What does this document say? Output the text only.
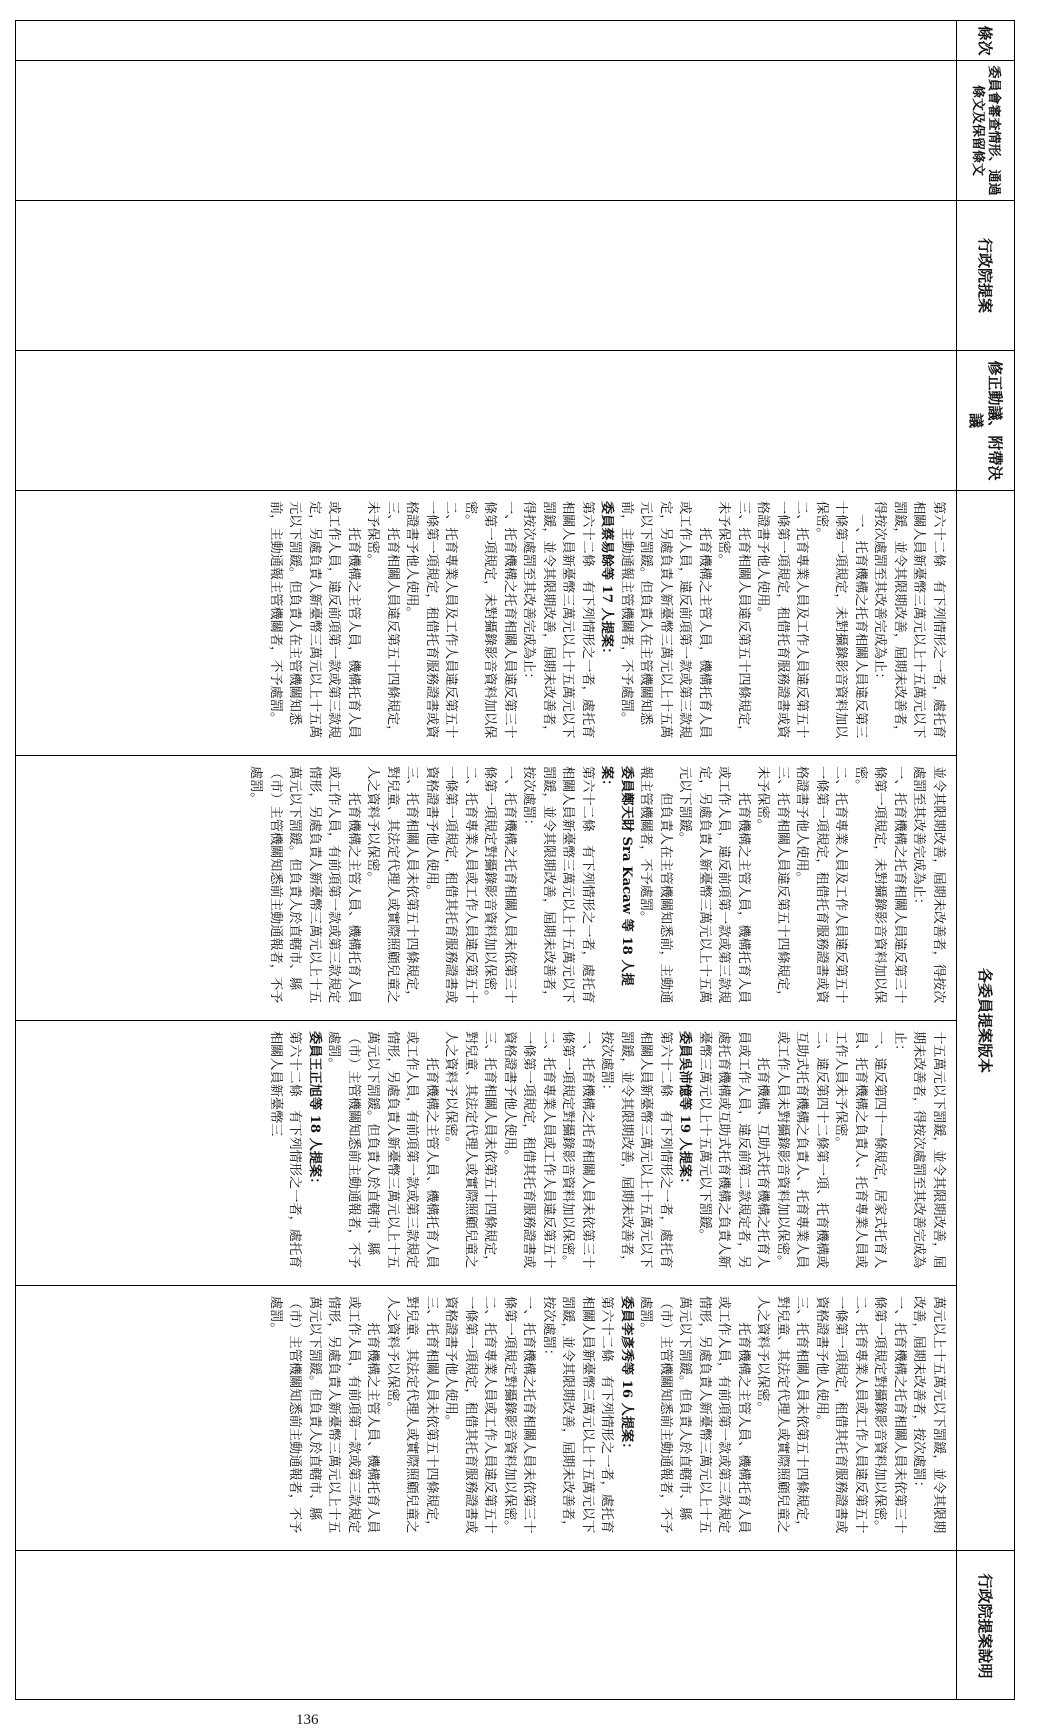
條次
委員會審查情形、通過條文及保留條文
行政院提案
修正動議、附帶決議
各委員提案版本
行政院提案說明
第六十二條　有下列情形之一者，處托育相關人員新臺幣三萬元以上十五萬元以下罰鍰，並令其限期改善，屆期未改善者，得按次處罰至其改善完成為止：
　一、托育機構之托育相關人員違反第三十條第一項規定，未對攝錄影音資料加以保密。
二、托育專業人員及工作人員違反第五十一條第一項規定，租借托育服務證書或資格證書予他人使用。
三、托育相關人員違反第五十四條規定，未予保密。
　　托育機構之主管人員，機構托育人員或工作人員，違反前項第一款或第三款規定，另處負責人新臺幣三萬元以上十五萬元以下罰鍰。但負責人在主管機關知悉前，主動通報主管機關者，不予處罰。
委員蔡易餘等 17 人提案：
第六十二條　有下列情形之一者，處托育相關人員新臺幣三萬元以上十五萬元以下罰鍰，並令其限期改善，屆期未改善者，得按次處罰至其改善完成為止：
一、托育機構之托育相關人員違反第三十條第一項規定，未對攝錄影音資料加以保密。
二、托育專業人員及工作人員違反第五十一條第一項規定，租借托育服務證書或資格證書予他人使用。
三、托育相關人員違反第五十四條規定，未予保密。
　　托育機構之主管人員，機構托育人員或工作人員，違反前項第一款或第三款規定，另處負責人新臺幣三萬元以上十五萬元以下罰鍰。但負責人在主管機關知悉前，主動通報主管機關者，不予處罰。
並令其限期改善，屆期未改善者，得按次處罰至其改善完成為止：
一、托育機構之托育相關人員違反第三十條第一項規定，未對攝錄影音資料加以保密。
二、托育專業人員及工作人員違反第五十一條第一項規定，租借托育服務證書或資格證書予他人使用。
三、托育相關人員違反第五十四條規定，未予保密。
　　托育機構之主管人員，機構托育人員或工作人員，違反前項第一款或第三款規定，另處負責人新臺幣三萬元以上十五萬元以下罰鍰。
　　但負責人在主管機關知悉前，主動通報主管機關者，不予處罰。
委員鄭天財 Sra Kacaw 等 18 人提案：
第六十二條　有下列情形之一者，處托育相關人員新臺幣三萬元以上十五萬元以下罰鍰，並令其限期改善，屆期未改善者，按次處罰：
一、托育機構之托育相關人員未依第三十條第一項規定對攝錄影音資料加以保密。
二、托育專業人員或工作人員違反第五十一條第一項規定，租借其托育服務證書或資格證書予他人使用。
三、托育相關人員未依第五十四條規定，對兒童、其法定代理人或實際照顧兒童之人之資料予以保密。
　　托育機構之主管人員、機構托育人員或工作人員，有前項第一款或第三款規定情形，另處負責人新臺幣三萬元以上十五萬元以下罰鍰。但負責人於直轄市、縣（市）主管機關知悉前主動通報者，不予處罰。
十五萬元以下罰鍰，並令其限期改善，屆期未改善者，得按次處罰至其改善完成為止：
一、違反第四十一條規定，居家式托育人員、托育機構之負責人、托育專業人員或工作人員未予保密。
二、違反第四十二條第一項、托育機構或互助式托育機構之負責人、托育專業人員或工作人員未對攝錄影音資料加以保密。
　　托育機構、互助式托育機構之托育人員或工作人員，違反前第二款規定者，另處托育機構或互助式托育機構之負責人新臺幣三萬元以上十五萬元以下罰鍰。
委員吳沛憶等 19 人提案：
第六十二條　有下列情形之一者，處托育相關人員新臺幣三萬元以上十五萬元以下罰鍰，並令其限期改善，屆期未改善者，按次處罰：
一、托育機構之托育相關人員未依第三十條第一項規定對攝錄影音資料加以保密。
二、托育專業人員或工作人員違反第五十一條第一項規定，租借其托育服務證書或資格證書予他人使用。
三、托育相關人員未依第五十四條規定，對兒童、其法定代理人或實際照顧兒童之人之資料予以保密。
　　托育機構之主管人員、機構托育人員或工作人員，有前項第一款或第三款規定情形，另處負責人新臺幣三萬元以上十五萬元以下罰鍰。但負責人於直轄市、縣（市）主管機關知悉前主動通報者，不予處罰。
委員王正旭等 18 人提案：
第六十二條　有下列情形之一者，處托育相關人員新臺幣三
萬元以上十五萬元以下罰鍰，並令其限期改善，屆期未改善者，按次處罰：
一、托育機構之托育相關人員未依第三十條第一項規定對攝錄影音資料加以保密。
二、托育專業人員或工作人員違反第五十一條第一項規定，租借其托育服務證書或資格證書予他人使用。
三、托育相關人員未依第五十四條規定，對兒童、其法定代理人或實際照顧兒童之人之資料予以保密。
　　托育機構之主管人員、機構托育人員或工作人員，有前項第一款或第三款規定情形，另處負責人新臺幣三萬元以上十五萬元以下罰鍰。但負責人於直轄市、縣（市）主管機關知悉前主動通報者，不予處罰。
委員李彥秀等 16 人提案：
第六十二條　有下列情形之一者，處托育相關人員新臺幣三萬元以上十五萬元以下罰鍰，並令其限期改善，屆期未改善者，按次處罰：
一、托育機構之托育相關人員未依第三十條第一項規定對攝錄影音資料加以保密。
二、托育專業人員或工作人員違反第五十一條第一項規定，租借其托育服務證書或資格證書予他人使用。
三、托育相關人員未依第五十四條規定，對兒童、其法定代理人或實際照顧兒童之人之資料予以保密。
　　托育機構之主管人員、機構托育人員或工作人員，有前項第一款或第三款規定情形，另處負責人新臺幣三萬元以上十五萬元以下罰鍰。但負責人於直轄市、縣（市）主管機關知悉前主動通報者，不予處罰。
136
